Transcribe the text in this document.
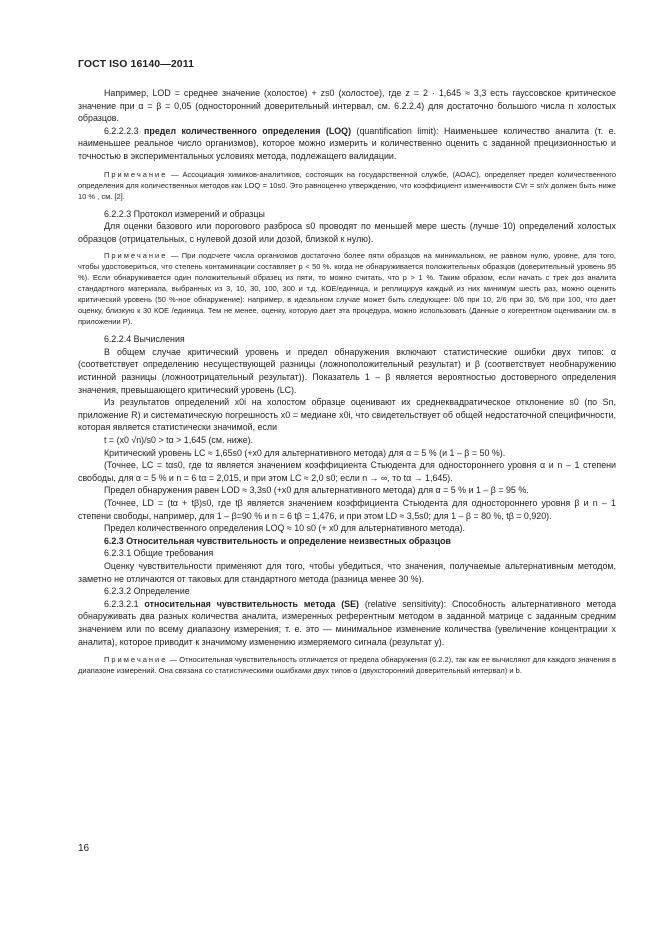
ГОСТ ISO 16140—2011

Например, LOD = среднее значение (холостое) + zs0 (холостое), где z = 2 · 1,645 ≈ 3,3 есть гауссовское критическое значение при α = β = 0,05 (односторонний доверительный интервал, см. 6.2.2.4) для достаточно большого числа n холостых образцов.

6.2.2.2.3 предел количественного определения (LOQ) (quantification limit): Наименьшее количество аналита (т. е. наименьшее реальное число организмов), которое можно измерить и количественно оценить с заданной прецизионностью и точностью в экспериментальных условиях метода, подлежащего валидации.

Примечание — Ассоциация химиков-аналитиков, состоящих на государственной службе, (AOAC), определяет предел количественного определения для количественных методов как LOQ = 10s0. Это равноценно утверждению, что коэффициент изменчивости CVr = sr/x должен быть ниже 10 % , см. [2].

6.2.2.3 Протокол измерений и образцы

Для оценки базового или порогового разброса s0 проводят по меньшей мере шесть (лучше 10) определений холостых образцов (отрицательных, с нулевой дозой или дозой, близкой к нулю).

Примечание — При подсчете числа организмов достаточно более пяти образцов на минимальном, не равном нулю, уровне, для того, чтобы удостовериться, что степень контаминации составляет p < 50 %. когда не обнаруживается положительных образцов (доверительный уровень 95 %). Если обнаруживается один положительный образец из пяти, то можно считать, что p > 1 %. Таким образом, если начать с трех доз аналита стандартного материала, выбранных из 3, 10, 30, 100, 300 и т.д. КОЕ/единица, и реплицируя каждый из них минимум шесть раз, можно оценить критический уровень (50 %-ное обнаружение): например, в идеальном случае может быть следующее: 0/6 при 10, 2/6 при 30, 5/6 при 100, что дает оценку, близкую к 30 КОЕ /единица. Тем не менее, оценку, которую дает эта процедура, можно использовать (Данные о когерентном оценивании см. в приложении Р).

6.2.2.4 Вычисления

В общем случае критический уровень и предел обнаружения включают статистические ошибки двух типов: α (соответствует определению несуществующей разницы (ложноположительный результат) и β (соответствует необнаружению истинной разницы (ложноотрицательный результат)). Показатель 1 – β является вероятностью достоверного определения значения, превышающего критический уровень (LC).

Из результатов определений x0i на холостом образце оценивают их среднеквадратическое отклонение s0 (по Sn, приложение R) и систематическую погрешность x0 = медиане x0i, что свидетельствует об общей недостаточной специфичности, которая является статистически значимой, если

t = (x0 √n)/s0 > tα > 1,645 (см. ниже).

Критический уровень LC ≈ 1,65s0 (+x0 для альтернативного метода) для α = 5 % (и 1 – β = 50 %).

(Точнее, LC = tαs0, где tα является значением коэффициента Стьюдента для одностороннего уровня α и n – 1 степени свободы, для α = 5 % и n = 6 tα = 2,015, и при этом LC ≈ 2,0 s0; если n → ∞, то tα → 1,645).

Предел обнаружения равен LOD ≈ 3,3s0 (+x0 для альтернативного метода) для α = 5 % и 1 – β = 95 %.

(Точнее, LD = (tα + tβ)s0, где tβ является значением коэффициента Стьюдента для одностороннего уровня β и n – 1 степени свободы, например, для 1 – β=90 % и n = 6 tβ = 1,476, и при этом LD ≈ 3,5s0; для 1 – β = 80 %, tβ = 0,920).

Предел количественного определения LOQ ≈ 10 s0 (+ x0 для альтернативного метода).

6.2.3 Относительная чувствительность и определение неизвестных образцов

6.2.3.1 Общие требования

Оценку чувствительности применяют для того, чтобы убедиться, что значения, получаемые альтернативным методом, заметно не отличаются от таковых для стандартного метода (разница менее 30 %).

6.2.3.2 Определение

6.2.3.2.1 относительная чувствительность метода (SE) (relative sensitivity): Способность альтернативного метода обнаруживать два разных количества аналита, измеренных референтным методом в заданной матрице с заданным средним значением или по всему диапазону измерения; т. е. это — минимальное изменение количества (увеличение концентрации x аналита), которое приводит к значимому изменению измеряемого сигнала (результат y).

Примечание — Относительная чувствительность отличается от предела обнаружения (6.2.2), так как ее вычисляют для каждого значения в диапазоне измерений. Она связана со статистическими ошибками двух типов α (двухсторонний доверительный интервал) и b.

16
